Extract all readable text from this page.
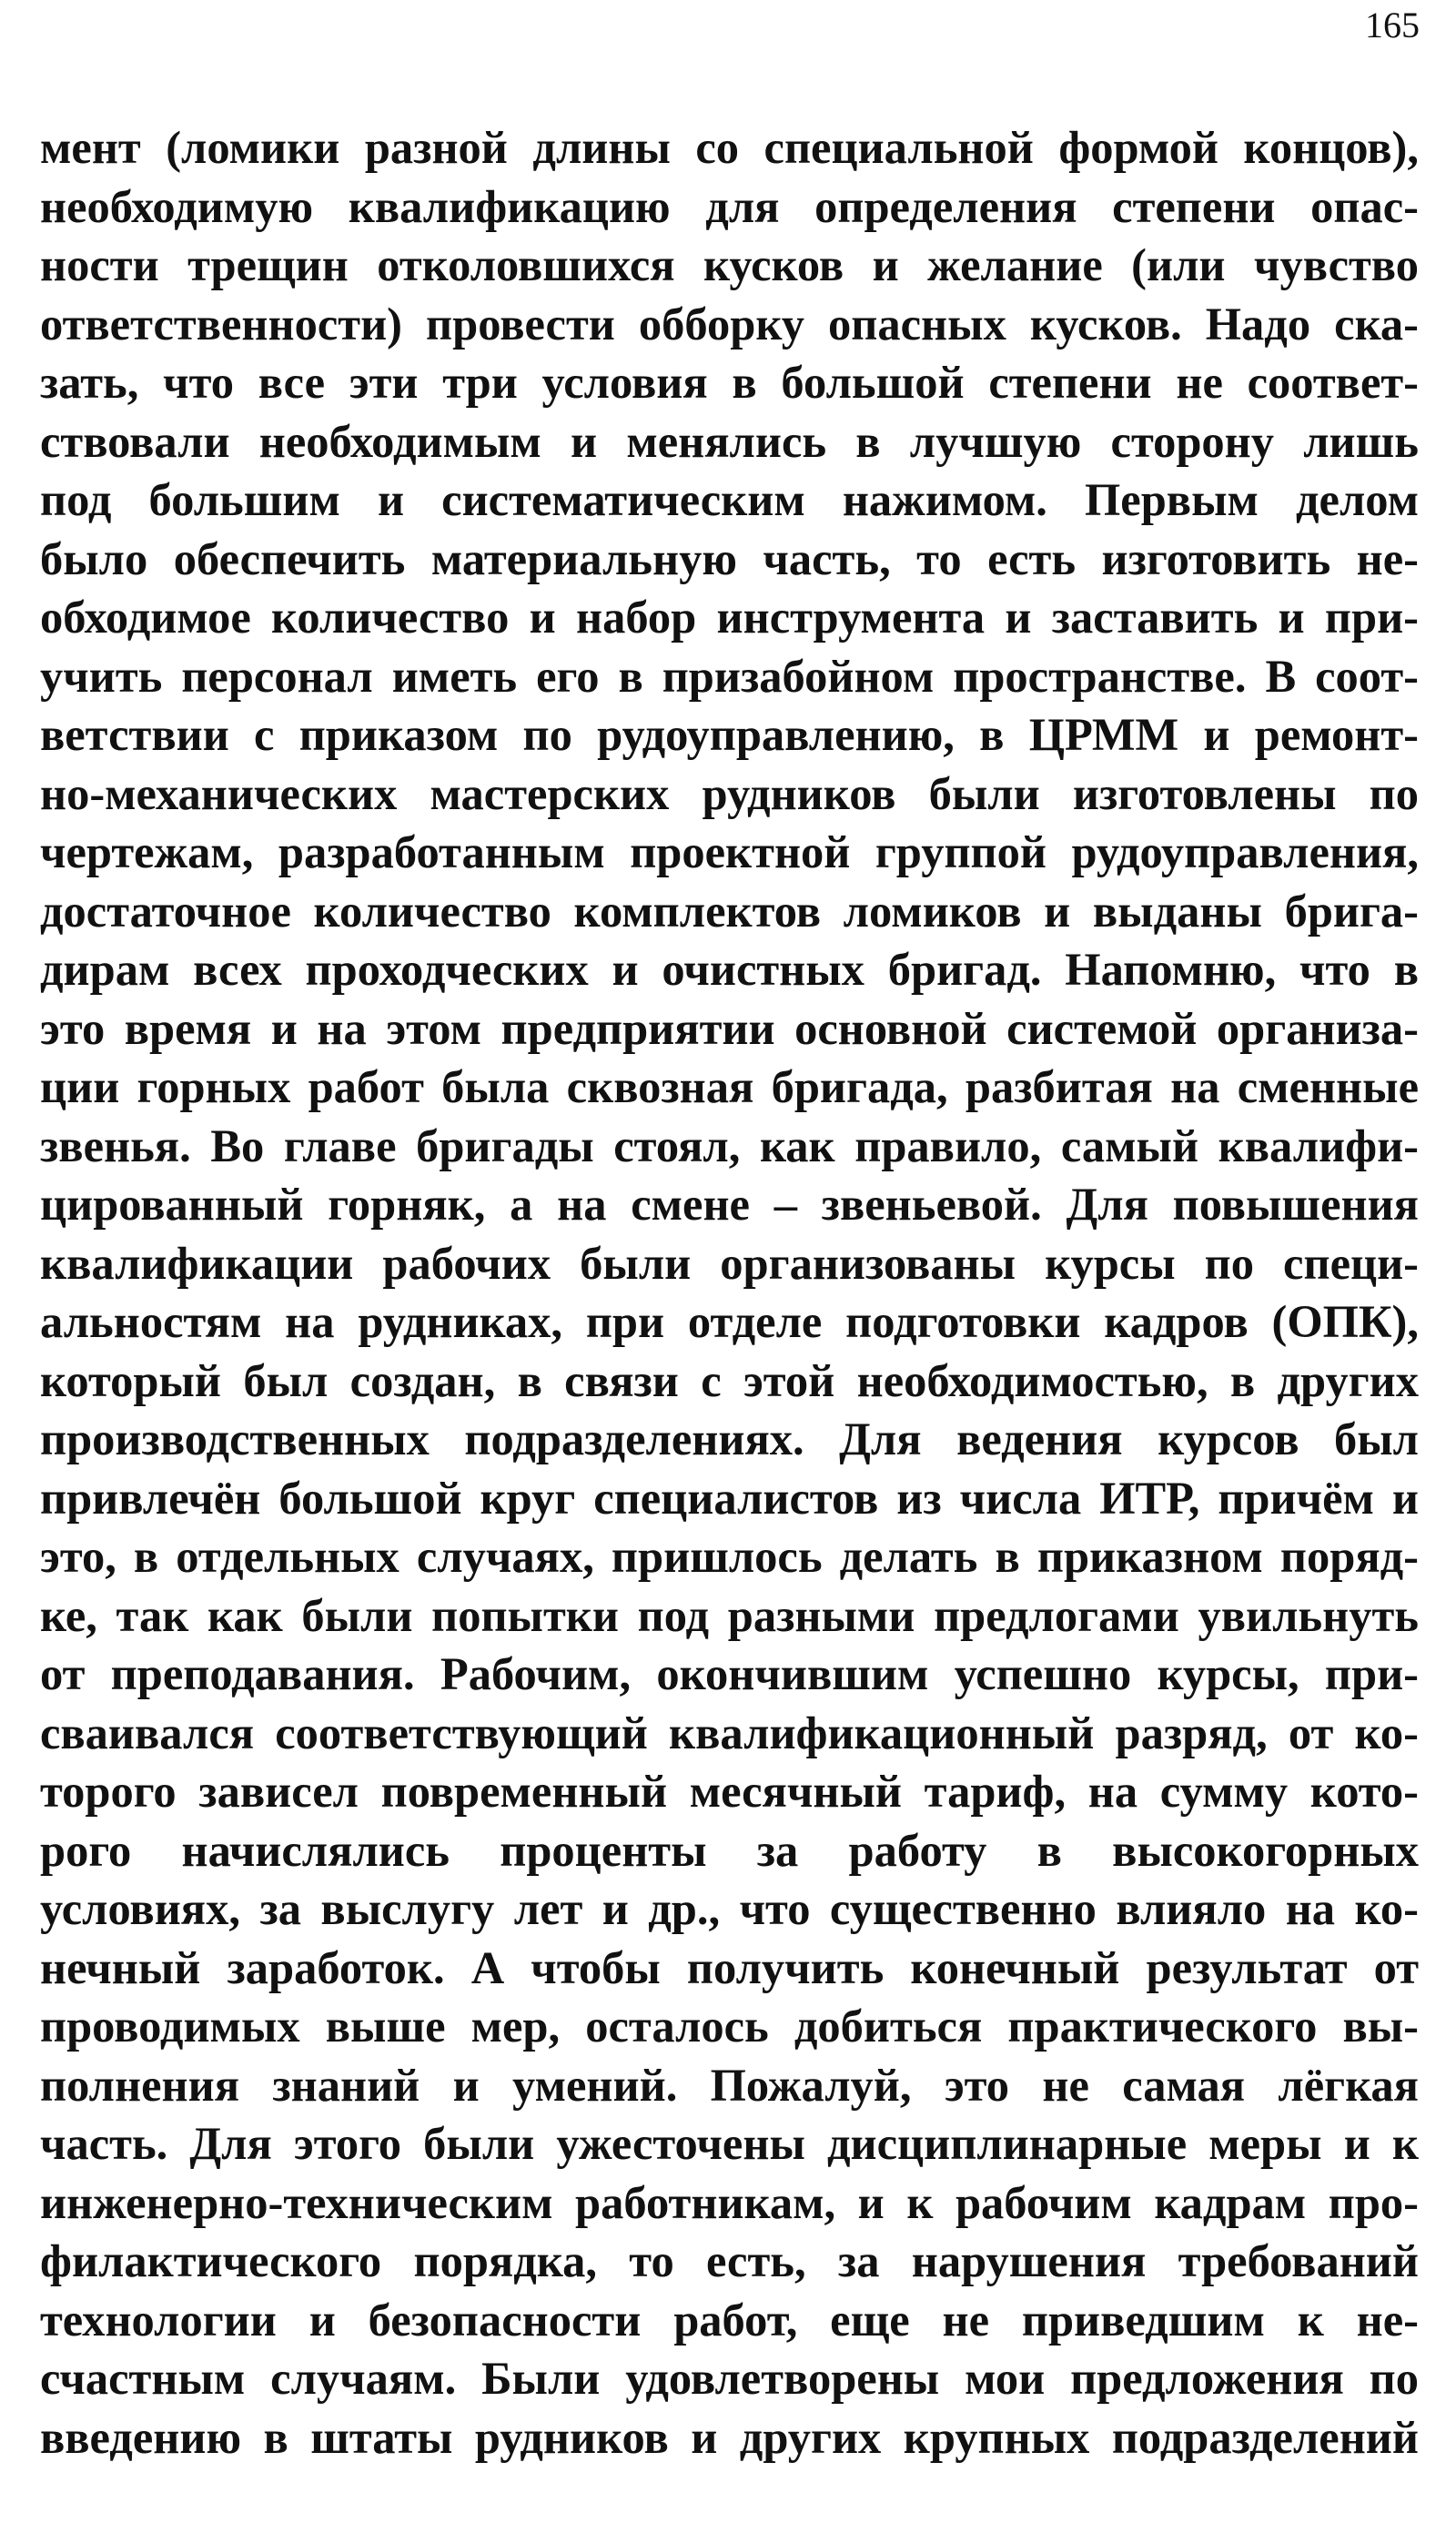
165
мент (ломики разной длины со специальной формой концов),
необходимую квалификацию для определения степени опас-
ности трещин отколовшихся кусков и желание (или чувство
ответственности) провести обборку опасных кусков. Надо ска-
зать, что все эти три условия в большой степени не соответ-
ствовали необходимым и менялись в лучшую сторону лишь
под большим и систематическим нажимом. Первым делом
было обеспечить материальную часть, то есть изготовить не-
обходимое количество и набор инструмента и заставить и при-
учить персонал иметь его в призабойном пространстве. В соот-
ветствии с приказом по рудоуправлению, в ЦРММ и ремонт-
но-механических мастерских рудников были изготовлены по
чертежам, разработанным проектной группой рудоуправления,
достаточное количество комплектов ломиков и выданы брига-
дирам всех проходческих и очистных бригад. Напомню, что в
это время и на этом предприятии основной системой организа-
ции горных работ была сквозная бригада, разбитая на сменные
звенья. Во главе бригады стоял, как правило, самый квалифи-
цированный горняк, а на смене – звеньевой. Для повышения
квалификации рабочих были организованы курсы по специ-
альностям на рудниках, при отделе подготовки кадров (ОПК),
который был создан, в связи с этой необходимостью, в других
производственных подразделениях. Для ведения курсов был
привлечён большой круг специалистов из числа ИТР, причём и
это, в отдельных случаях, пришлось делать в приказном поряд-
ке, так как были попытки под разными предлогами увильнуть
от преподавания. Рабочим, окончившим успешно курсы, при-
сваивался соответствующий квалификационный разряд, от ко-
торого зависел повременный месячный тариф, на сумму кото-
рого начислялись проценты за работу в высокогорных
условиях, за выслугу лет и др., что существенно влияло на ко-
нечный заработок. А чтобы получить конечный результат от
проводимых выше мер, осталось добиться практического вы-
полнения знаний и умений. Пожалуй, это не самая лёгкая
часть. Для этого были ужесточены дисциплинарные меры и к
инженерно-техническим работникам, и к рабочим кадрам про-
филактического порядка, то есть, за нарушения требований
технологии и безопасности работ, еще не приведшим к не-
счастным случаям. Были удовлетворены мои предложения по
введению в штаты рудников и других крупных подразделений
